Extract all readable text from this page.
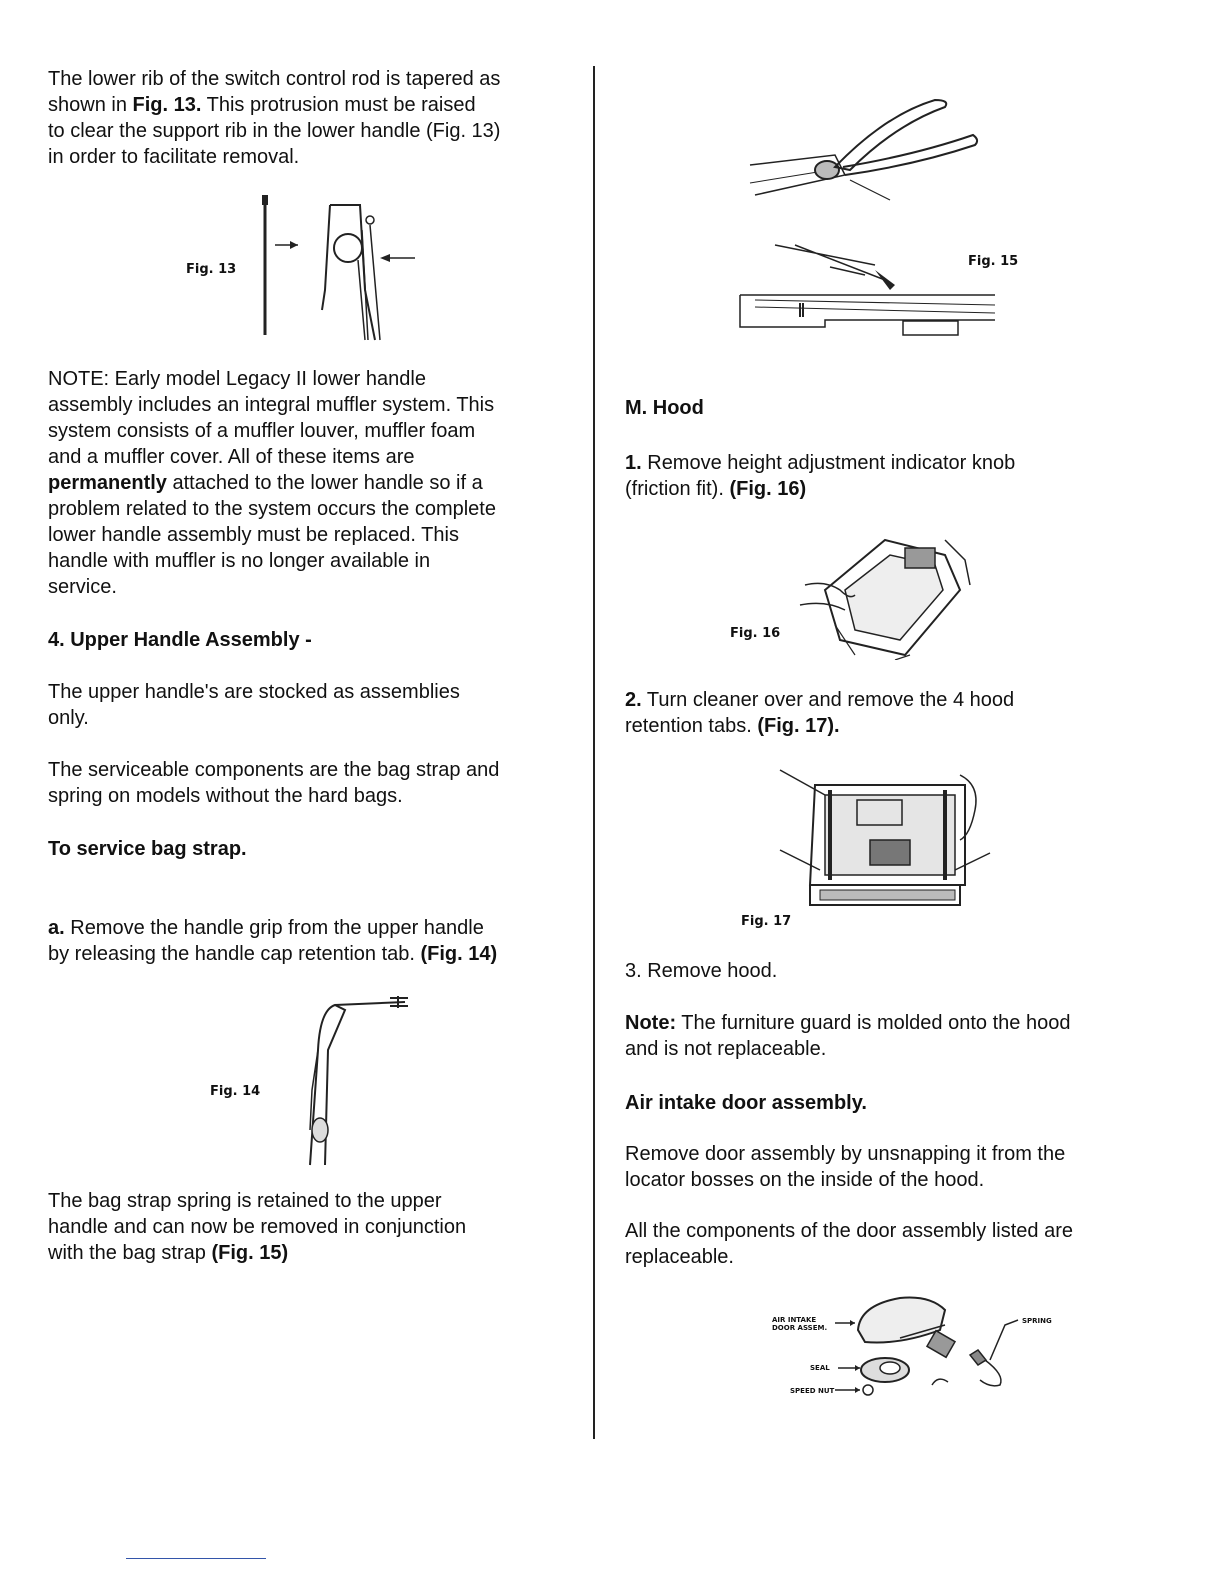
The lower rib of the switch control rod is tapered as
shown in Fig. 13. This protrusion must be raised
to clear the support rib in the lower handle (Fig. 13)
in order to facilitate removal.

Fig. 13

NOTE: Early model Legacy II lower handle
assembly includes an integral muffler system. This
system consists of a muffler louver, muffler foam
and a muffler cover. All of these items are
permanently attached to the lower handle so if a
problem related to the system occurs the complete
lower handle assembly must be replaced. This
handle with muffler is no longer available in
service.

4. Upper Handle Assembly -

The upper handle's are stocked as assemblies
only.

The serviceable components are the bag strap and
spring on models without the hard bags.

To service bag strap.

a. Remove the handle grip from the upper handle
by releasing the handle cap retention tab. (Fig. 14)

Fig. 14

The bag strap spring is retained to the upper
handle and can now be removed in conjunction
with the bag strap (Fig. 15)

Fig. 15

M. Hood

1. Remove height adjustment indicator knob
(friction fit). (Fig. 16)

Fig. 16

2. Turn cleaner over and remove the 4 hood
retention tabs. (Fig. 17).

Fig. 17

3. Remove hood.

Note: The furniture guard is molded onto the hood
and is not replaceable.

Air intake door assembly.

Remove door assembly by unsnapping it from the
locator bosses on the inside of the hood.

All the components of the door assembly listed are
replaceable.

AIR INTAKE
DOOR ASSEM.
SPRING
SEAL
SPEED NUT
